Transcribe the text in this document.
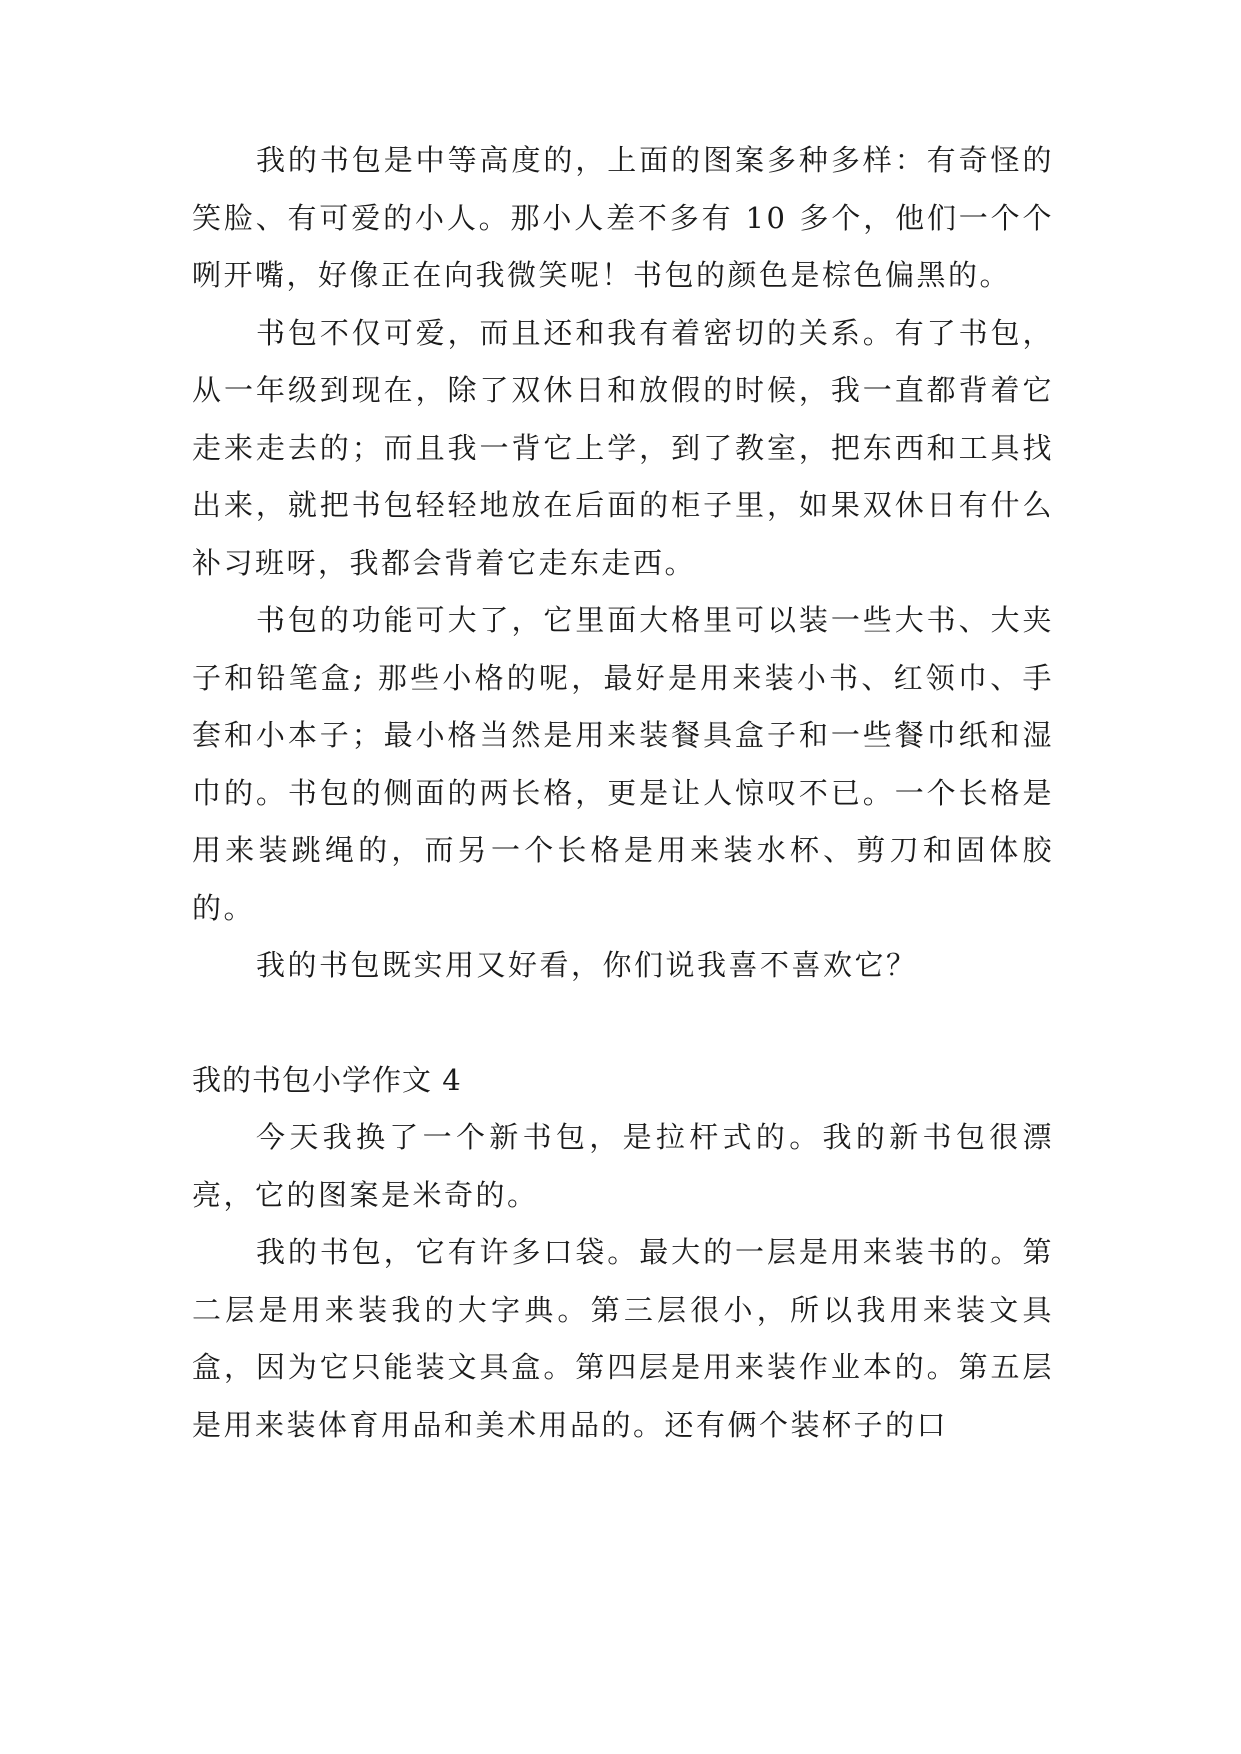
我的书包是中等高度的，上面的图案多种多样：有奇怪的笑脸、有可爱的小人。那小人差不多有 10 多个，他们一个个咧开嘴，好像正在向我微笑呢！书包的颜色是棕色偏黑的。

书包不仅可爱，而且还和我有着密切的关系。有了书包，从一年级到现在，除了双休日和放假的时候，我一直都背着它走来走去的；而且我一背它上学，到了教室，把东西和工具找出来，就把书包轻轻地放在后面的柜子里，如果双休日有什么补习班呀，我都会背着它走东走西。

书包的功能可大了，它里面大格里可以装一些大书、大夹子和铅笔盒; 那些小格的呢，最好是用来装小书、红领巾、手套和小本子；最小格当然是用来装餐具盒子和一些餐巾纸和湿巾的。书包的侧面的两长格，更是让人惊叹不已。一个长格是用来装跳绳的，而另一个长格是用来装水杯、剪刀和固体胶的。

我的书包既实用又好看，你们说我喜不喜欢它？

我的书包小学作文 4

今天我换了一个新书包，是拉杆式的。我的新书包很漂亮，它的图案是米奇的。

我的书包，它有许多口袋。最大的一层是用来装书的。第二层是用来装我的大字典。第三层很小，所以我用来装文具盒，因为它只能装文具盒。第四层是用来装作业本的。第五层是用来装体育用品和美术用品的。还有俩个装杯子的口
